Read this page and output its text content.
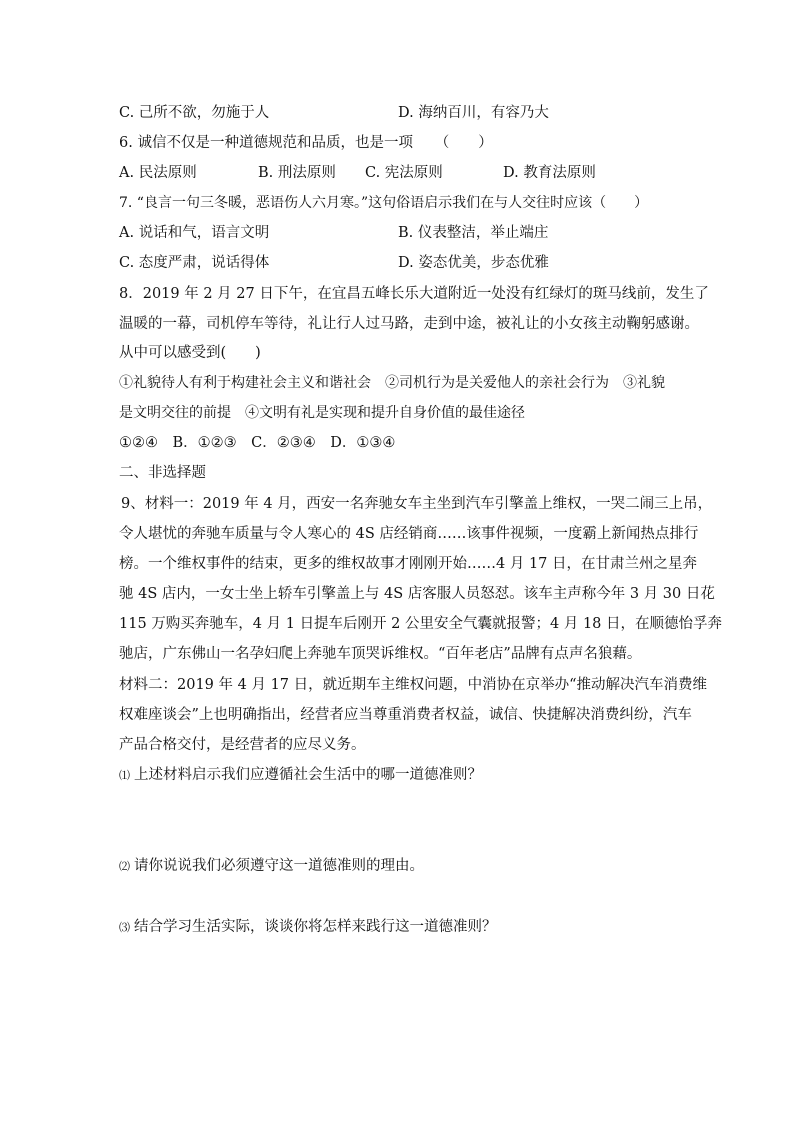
C. 己所不欲，勿施于人	D. 海纳百川，有容乃大
6. 诚信不仅是一种道德规范和品质，也是一项　　（　　）
A. 民法原则	B. 刑法原则 C. 宪法原则	D. 教育法原则
7. “良言一句三冬暖，恶语伤人六月寒。”这句俗语启示我们在与人交往时应该（　　）
A. 说话和气，语言文明	B. 仪表整洁，举止端庄
C. 态度严肃，说话得体	D. 姿态优美，步态优雅
8．2019 年 2 月 27 日下午，在宜昌五峰长乐大道附近一处没有红绿灯的斑马线前，发生了
温暖的一幕，司机停车等待，礼让行人过马路，走到中途，被礼让的小女孩主动鞠躬感谢。
从中可以感受到(　　)
①礼貌待人有利于构建社会主义和谐社会　②司机行为是关爱他人的亲社会行为　③礼貌
是文明交往的前提　④文明有礼是实现和提升自身价值的最佳途径
①②④　B．①②③　C．②③④　D．①③④
二、非选择题
9、材料一：2019 年 4 月，西安一名奔驰女车主坐到汽车引擎盖上维权，一哭二闹三上吊，
令人堪忧的奔驰车质量与令人寒心的 4S 店经销商……该事件视频，一度霸上新闻热点排行
榜。一个维权事件的结束，更多的维权故事才刚刚开始……4 月 17 日，在甘肃兰州之星奔
驰 4S 店内，一女士坐上轿车引擎盖上与 4S 店客服人员怒怼。该车主声称今年 3 月 30 日花
115 万购买奔驰车，4 月 1 日提车后刚开 2 公里安全气囊就报警；4 月 18 日，在顺德怡孚奔
驰店，广东佛山一名孕妇爬上奔驰车顶哭诉维权。“百年老店”品牌有点声名狼藉。
材料二：2019 年 4 月 17 日，就近期车主维权问题，中消协在京举办“推动解决汽车消费维
权难座谈会”上也明确指出，经营者应当尊重消费者权益，诚信、快捷解决消费纠纷，汽车
产品合格交付，是经营者的应尽义务。
⑴ 上述材料启示我们应遵循社会生活中的哪一道德准则？
⑵ 请你说说我们必须遵守这一道德准则的理由。
⑶ 结合学习生活实际，谈谈你将怎样来践行这一道德准则？
